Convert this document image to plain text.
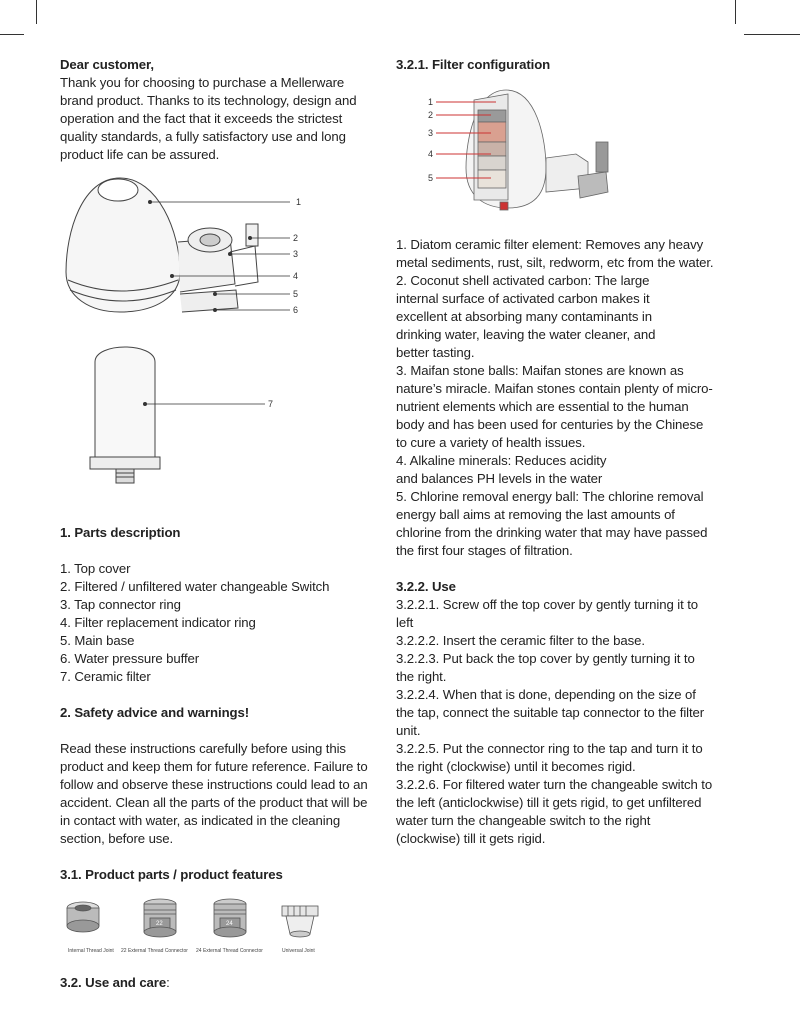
Dear customer,

Thank you for choosing to purchase a Mellerware brand product. Thanks to its technology, design and operation and the fact that it exceeds the strictest quality standards, a fully satisfactory use and long product life can be assured.

1
2
3
4
5
6
7

1. Parts description

1. Top cover

2. Filtered / unfiltered water changeable Switch

3. Tap connector ring

4. Filter replacement indicator ring

5. Main base

6. Water pressure buffer

7. Ceramic filter

2. Safety advice and warnings!

Read these instructions carefully before using this product and keep them for future reference. Failure to follow and observe these instructions could lead to an accident. Clean all the parts of the product that will be in contact with water, as indicated in the cleaning section, before use.

3.1. Product parts / product features

22	24
Internal Thread Joint 22 External Thread Connector 24 External Thread Connector	Universal Joint

3.2. Use and care:

3.2.1. Filter configuration

1
2
3
4
5

1. Diatom ceramic filter element: Removes any heavy metal sediments, rust, silt, redworm, etc from the water.

2. Coconut shell activated carbon: The large internal surface of activated carbon makes it excellent at absorbing many contaminants in drinking water, leaving the water cleaner, and better tasting.

3. Maifan stone balls: Maifan stones are known as nature’s miracle. Maifan stones contain plenty of micro-nutrient elements which are essential to the human body and has been used for centuries by the Chinese to cure a variety of health issues.

4. Alkaline minerals: Reduces acidity and balances PH levels in the water

5. Chlorine removal energy ball: The chlorine removal energy ball aims at removing the last amounts of chlorine from the drinking water that may have passed the first four stages of filtration.

3.2.2. Use

3.2.2.1. Screw off the top cover by gently turning it to left

3.2.2.2. Insert the ceramic filter to the base.

3.2.2.3. Put back the top cover by gently turning it to the right.

3.2.2.4. When that is done, depending on the size of the tap, connect the suitable tap connector to the filter unit.

3.2.2.5. Put the connector ring to the tap and turn it to the right (clockwise) until it becomes rigid.

3.2.2.6. For filtered water turn the changeable switch to the left (anticlockwise) till it gets rigid, to get unfiltered water turn the changeable switch to the right (clockwise) till it gets rigid.
